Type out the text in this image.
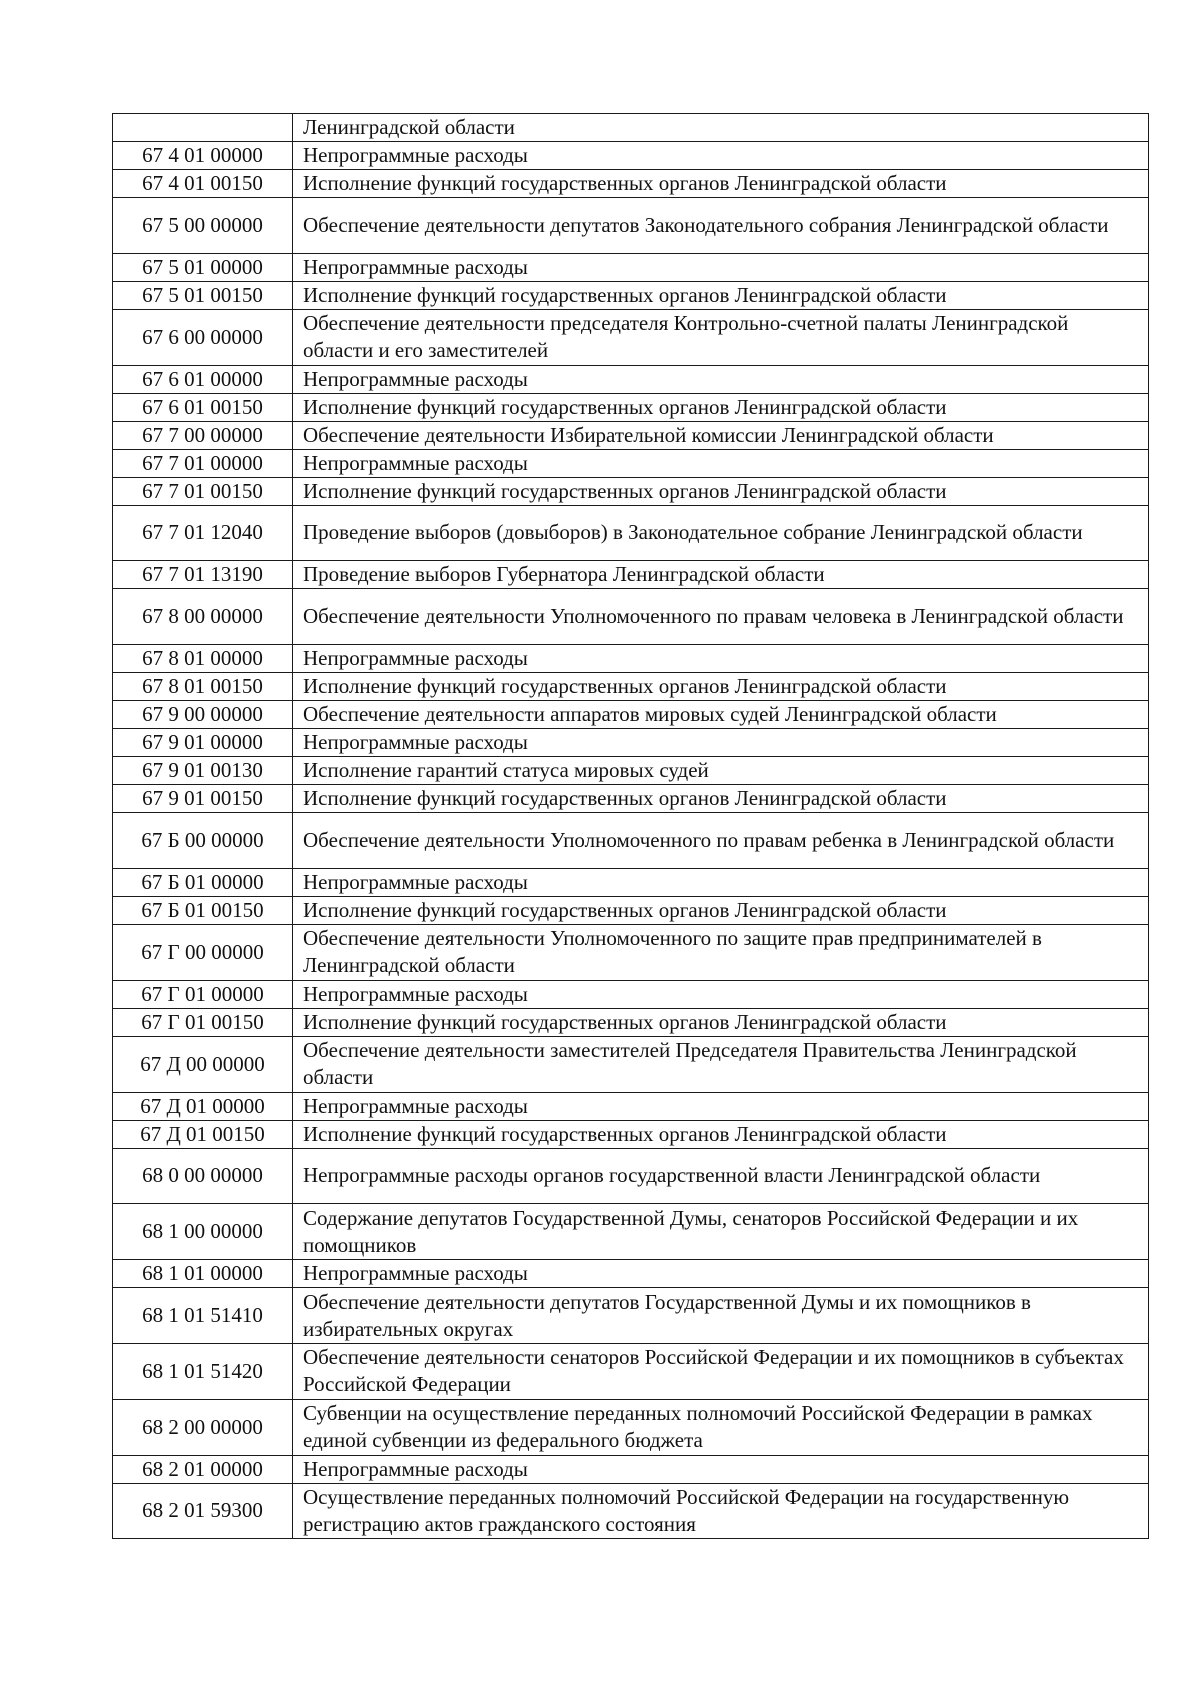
	Ленинградской области
67 4 01 00000	Непрограммные расходы
67 4 01 00150	Исполнение функций государственных органов Ленинградской области
67 5 00 00000	Обеспечение деятельности депутатов Законодательного собрания Ленинградской области
67 5 01 00000	Непрограммные расходы
67 5 01 00150	Исполнение функций государственных органов Ленинградской области
67 6 00 00000	Обеспечение деятельности председателя Контрольно-счетной палаты Ленинградской области и его заместителей
67 6 01 00000	Непрограммные расходы
67 6 01 00150	Исполнение функций государственных органов Ленинградской области
67 7 00 00000	Обеспечение деятельности Избирательной комиссии Ленинградской области
67 7 01 00000	Непрограммные расходы
67 7 01 00150	Исполнение функций государственных органов Ленинградской области
67 7 01 12040	Проведение выборов (довыборов) в Законодательное собрание Ленинградской области
67 7 01 13190	Проведение выборов Губернатора Ленинградской области
67 8 00 00000	Обеспечение деятельности Уполномоченного по правам человека в Ленинградской области
67 8 01 00000	Непрограммные расходы
67 8 01 00150	Исполнение функций государственных органов Ленинградской области
67 9 00 00000	Обеспечение деятельности аппаратов мировых судей Ленинградской области
67 9 01 00000	Непрограммные расходы
67 9 01 00130	Исполнение гарантий статуса мировых судей
67 9 01 00150	Исполнение функций государственных органов Ленинградской области
67 Б 00 00000	Обеспечение деятельности Уполномоченного по правам ребенка в Ленинградской области
67 Б 01 00000	Непрограммные расходы
67 Б 01 00150	Исполнение функций государственных органов Ленинградской области
67 Г 00 00000	Обеспечение деятельности Уполномоченного по защите прав предпринимателей в Ленинградской области
67 Г 01 00000	Непрограммные расходы
67 Г 01 00150	Исполнение функций государственных органов Ленинградской области
67 Д 00 00000	Обеспечение деятельности заместителей Председателя Правительства Ленинградской области
67 Д 01 00000	Непрограммные расходы
67 Д 01 00150	Исполнение функций государственных органов Ленинградской области
68 0 00 00000	Непрограммные расходы органов государственной власти Ленинградской области
68 1 00 00000	Содержание депутатов Государственной Думы, сенаторов Российской Федерации и их помощников
68 1 01 00000	Непрограммные расходы
68 1 01 51410	Обеспечение деятельности депутатов Государственной Думы и их помощников в избирательных округах
68 1 01 51420	Обеспечение деятельности сенаторов Российской Федерации и их помощников в субъектах Российской Федерации
68 2 00 00000	Субвенции на осуществление переданных полномочий Российской Федерации в рамках единой субвенции из федерального бюджета
68 2 01 00000	Непрограммные расходы
68 2 01 59300	Осуществление переданных полномочий Российской Федерации на государственную регистрацию актов гражданского состояния
